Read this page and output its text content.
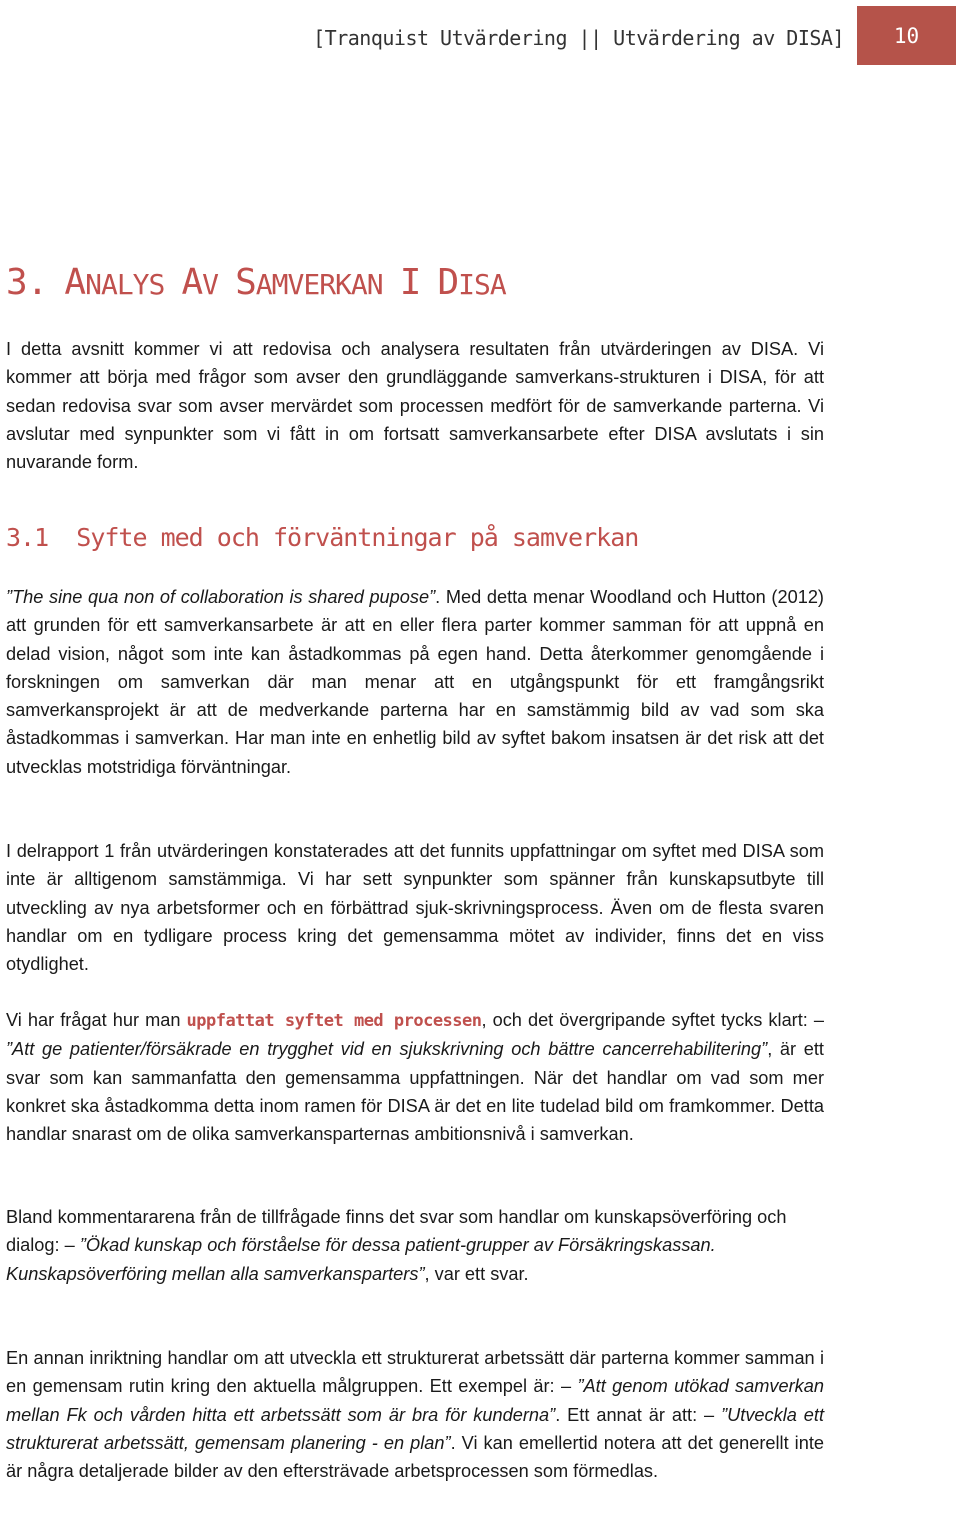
[Tranquist Utvärdering || Utvärdering av DISA]	10
3. ANALYS AV SAMVERKAN I DISA
I detta avsnitt kommer vi att redovisa och analysera resultaten från utvärderingen av DISA. Vi kommer att börja med frågor som avser den grundläggande samverkans-strukturen i DISA, för att sedan redovisa svar som avser mervärdet som processen medfört för de samverkande parterna. Vi avslutar med synpunkter som vi fått in om fortsatt samverkansarbete efter DISA avslutats i sin nuvarande form.
3.1 Syfte med och förväntningar på samverkan
”The sine qua non of collaboration is shared pupose”. Med detta menar Woodland och Hutton (2012) att grunden för ett samverkansarbete är att en eller flera parter kommer samman för att uppnå en delad vision, något som inte kan åstadkommas på egen hand. Detta återkommer genomgående i forskningen om samverkan där man menar att en utgångspunkt för ett framgångsrikt samverkansprojekt är att de medverkande parterna har en samstämmig bild av vad som ska åstadkommas i samverkan. Har man inte en enhetlig bild av syftet bakom insatsen är det risk att det utvecklas motstridiga förväntningar.
I delrapport 1 från utvärderingen konstaterades att det funnits uppfattningar om syftet med DISA som inte är alltigenom samstämmiga. Vi har sett synpunkter som spänner från kunskapsutbyte till utveckling av nya arbetsformer och en förbättrad sjuk-skrivningsprocess. Även om de flesta svaren handlar om en tydligare process kring det gemensamma mötet av individer, finns det en viss otydlighet.
Vi har frågat hur man uppfattat syftet med processen, och det övergripande syftet tycks klart: – ”Att ge patienter/försäkrade en trygghet vid en sjukskrivning och bättre cancerrehabilitering”, är ett svar som kan sammanfatta den gemensamma uppfattningen. När det handlar om vad som mer konkret ska åstadkomma detta inom ramen för DISA är det en lite tudelad bild om framkommer. Detta handlar snarast om de olika samverkansparternas ambitionsnivå i samverkan.
Bland kommentararena från de tillfrågade finns det svar som handlar om kunskapsöverföring och dialog: – ”Ökad kunskap och förståelse för dessa patient-grupper av Försäkringskassan. Kunskapsöverföring mellan alla samverkansparters”, var ett svar.
En annan inriktning handlar om att utveckla ett strukturerat arbetssätt där parterna kommer samman i en gemensam rutin kring den aktuella målgruppen. Ett exempel är: – ”Att genom utökad samverkan mellan Fk och vården hitta ett arbetssätt som är bra för kunderna”. Ett annat är att: – ”Utveckla ett strukturerat arbetssätt, gemensam planering - en plan”. Vi kan emellertid notera att det generellt inte är några detaljerade bilder av den eftersträvade arbetsprocessen som förmedlas.
